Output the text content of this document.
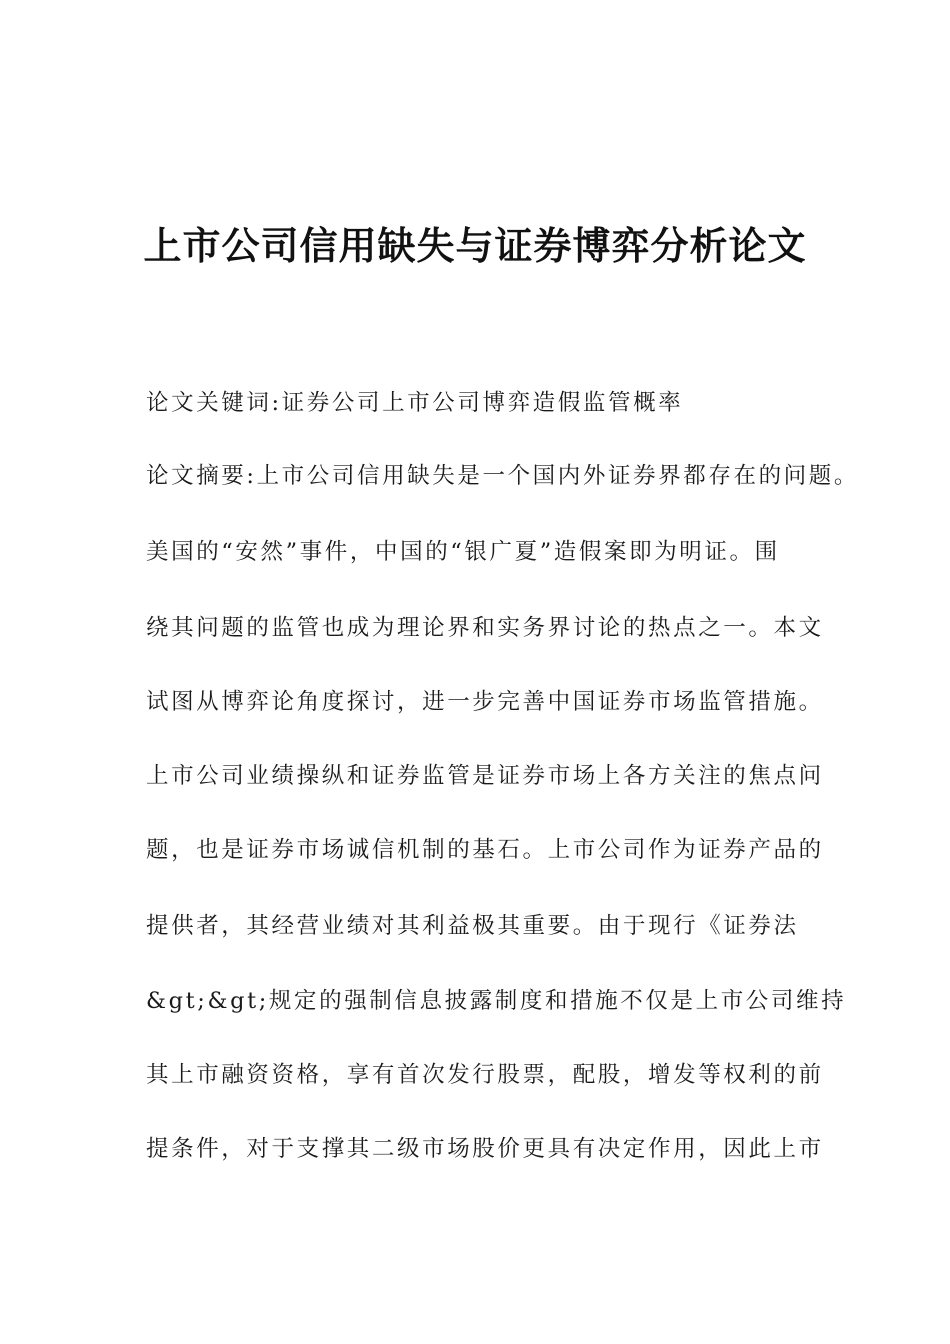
上市公司信用缺失与证券博弈分析论文
论文关键词:证券公司上市公司博弈造假监管概率
论文摘要:上市公司信用缺失是一个国内外证券界都存在的问题。
美国的“安然”事件，中国的“银广夏”造假案即为明证。围
绕其问题的监管也成为理论界和实务界讨论的热点之一。本文
试图从博弈论角度探讨，进一步完善中国证券市场监管措施。
上市公司业绩操纵和证券监管是证券市场上各方关注的焦点问
题，也是证券市场诚信机制的基石。上市公司作为证券产品的
提供者，其经营业绩对其利益极其重要。由于现行《证券法
&gt;&gt;规定的强制信息披露制度和措施不仅是上市公司维持
其上市融资资格，享有首次发行股票，配股，增发等权利的前
提条件，对于支撑其二级市场股价更具有决定作用，因此上市
